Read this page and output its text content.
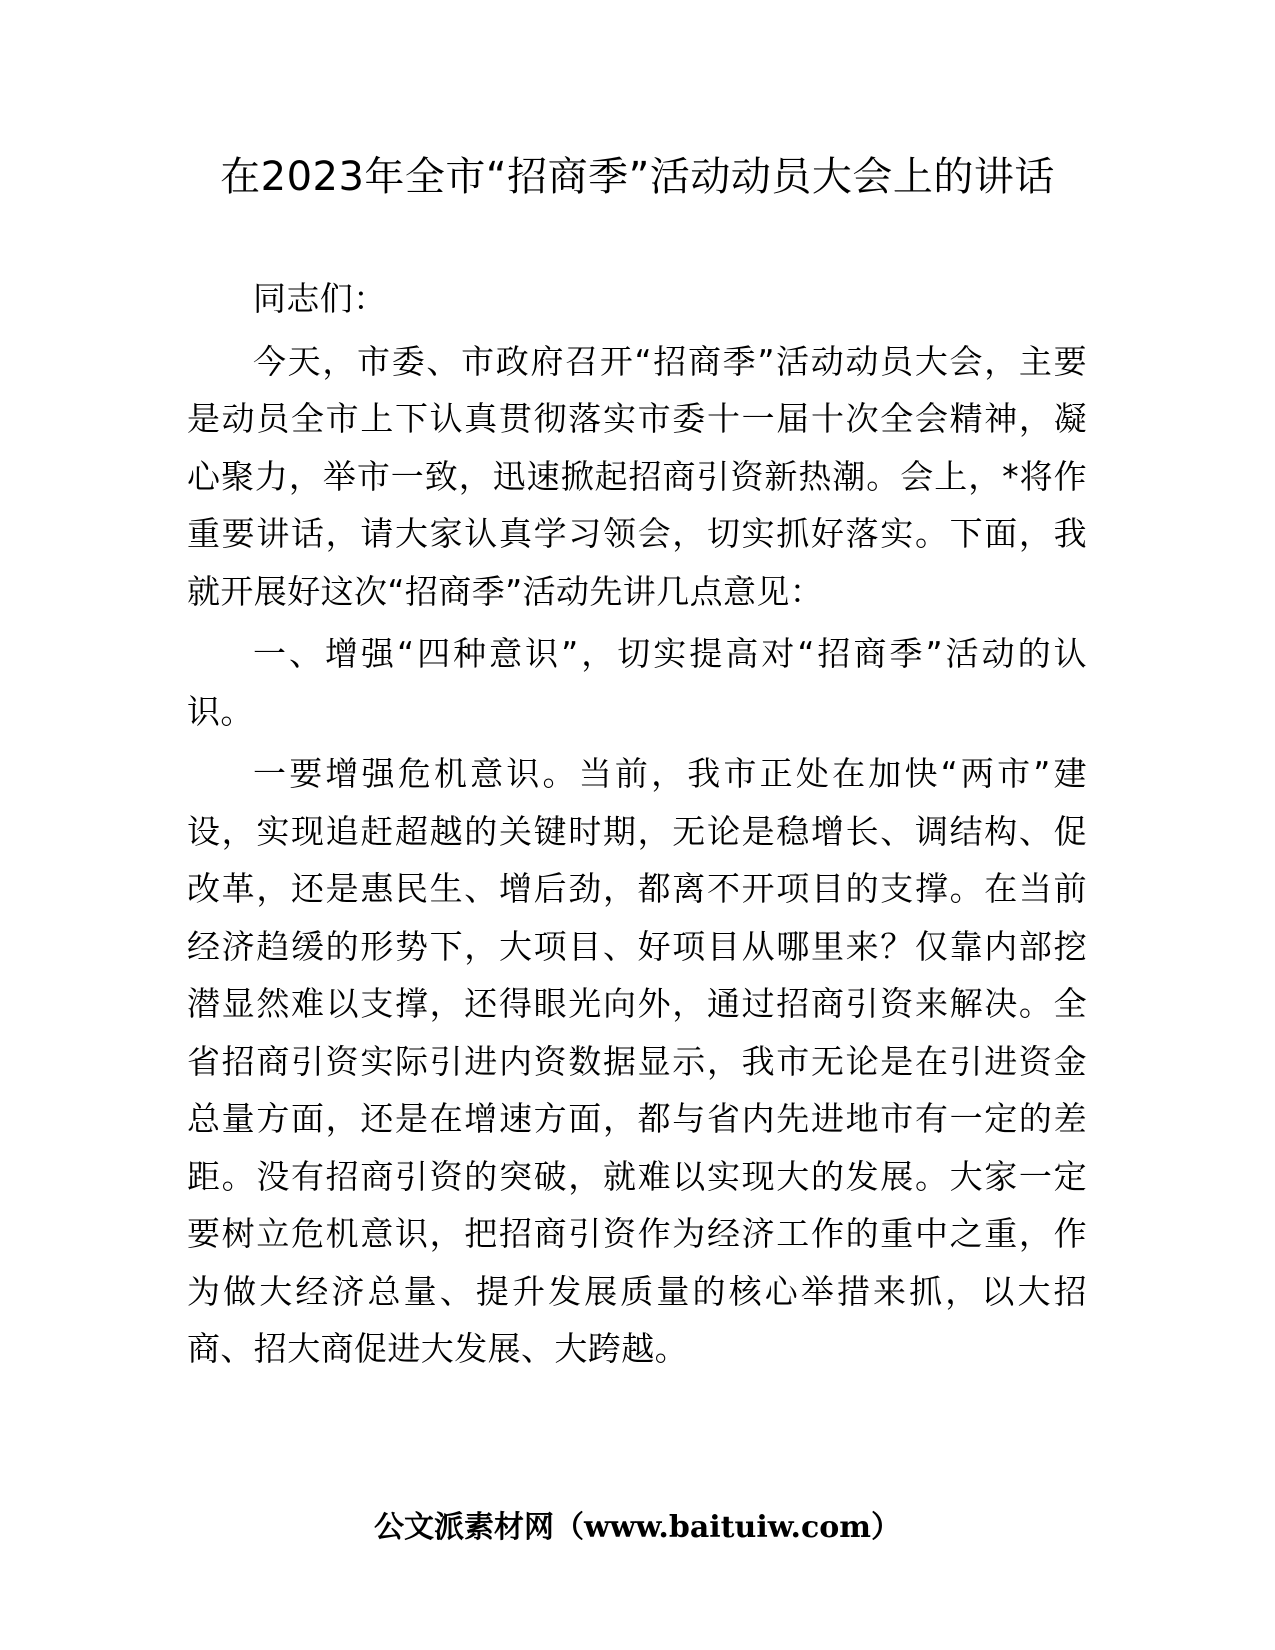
在2023年全市“招商季”活动动员大会上的讲话

同志们：

今天，市委、市政府召开“招商季”活动动员大会，主要是动员全市上下认真贯彻落实市委十一届十次全会精神，凝心聚力，举市一致，迅速掀起招商引资新热潮。会上，*将作重要讲话，请大家认真学习领会，切实抓好落实。下面，我就开展好这次“招商季”活动先讲几点意见：

一、增强“四种意识”，切实提高对“招商季”活动的认识。

一要增强危机意识。当前，我市正处在加快“两市”建设，实现追赶超越的关键时期，无论是稳增长、调结构、促改革，还是惠民生、增后劲，都离不开项目的支撑。在当前经济趋缓的形势下，大项目、好项目从哪里来？仅靠内部挖潜显然难以支撑，还得眼光向外，通过招商引资来解决。全省招商引资实际引进内资数据显示，我市无论是在引进资金总量方面，还是在增速方面，都与省内先进地市有一定的差距。没有招商引资的突破，就难以实现大的发展。大家一定要树立危机意识，把招商引资作为经济工作的重中之重，作为做大经济总量、提升发展质量的核心举措来抓，以大招商、招大商促进大发展、大跨越。

公文派素材网（www.baituiw.com）
